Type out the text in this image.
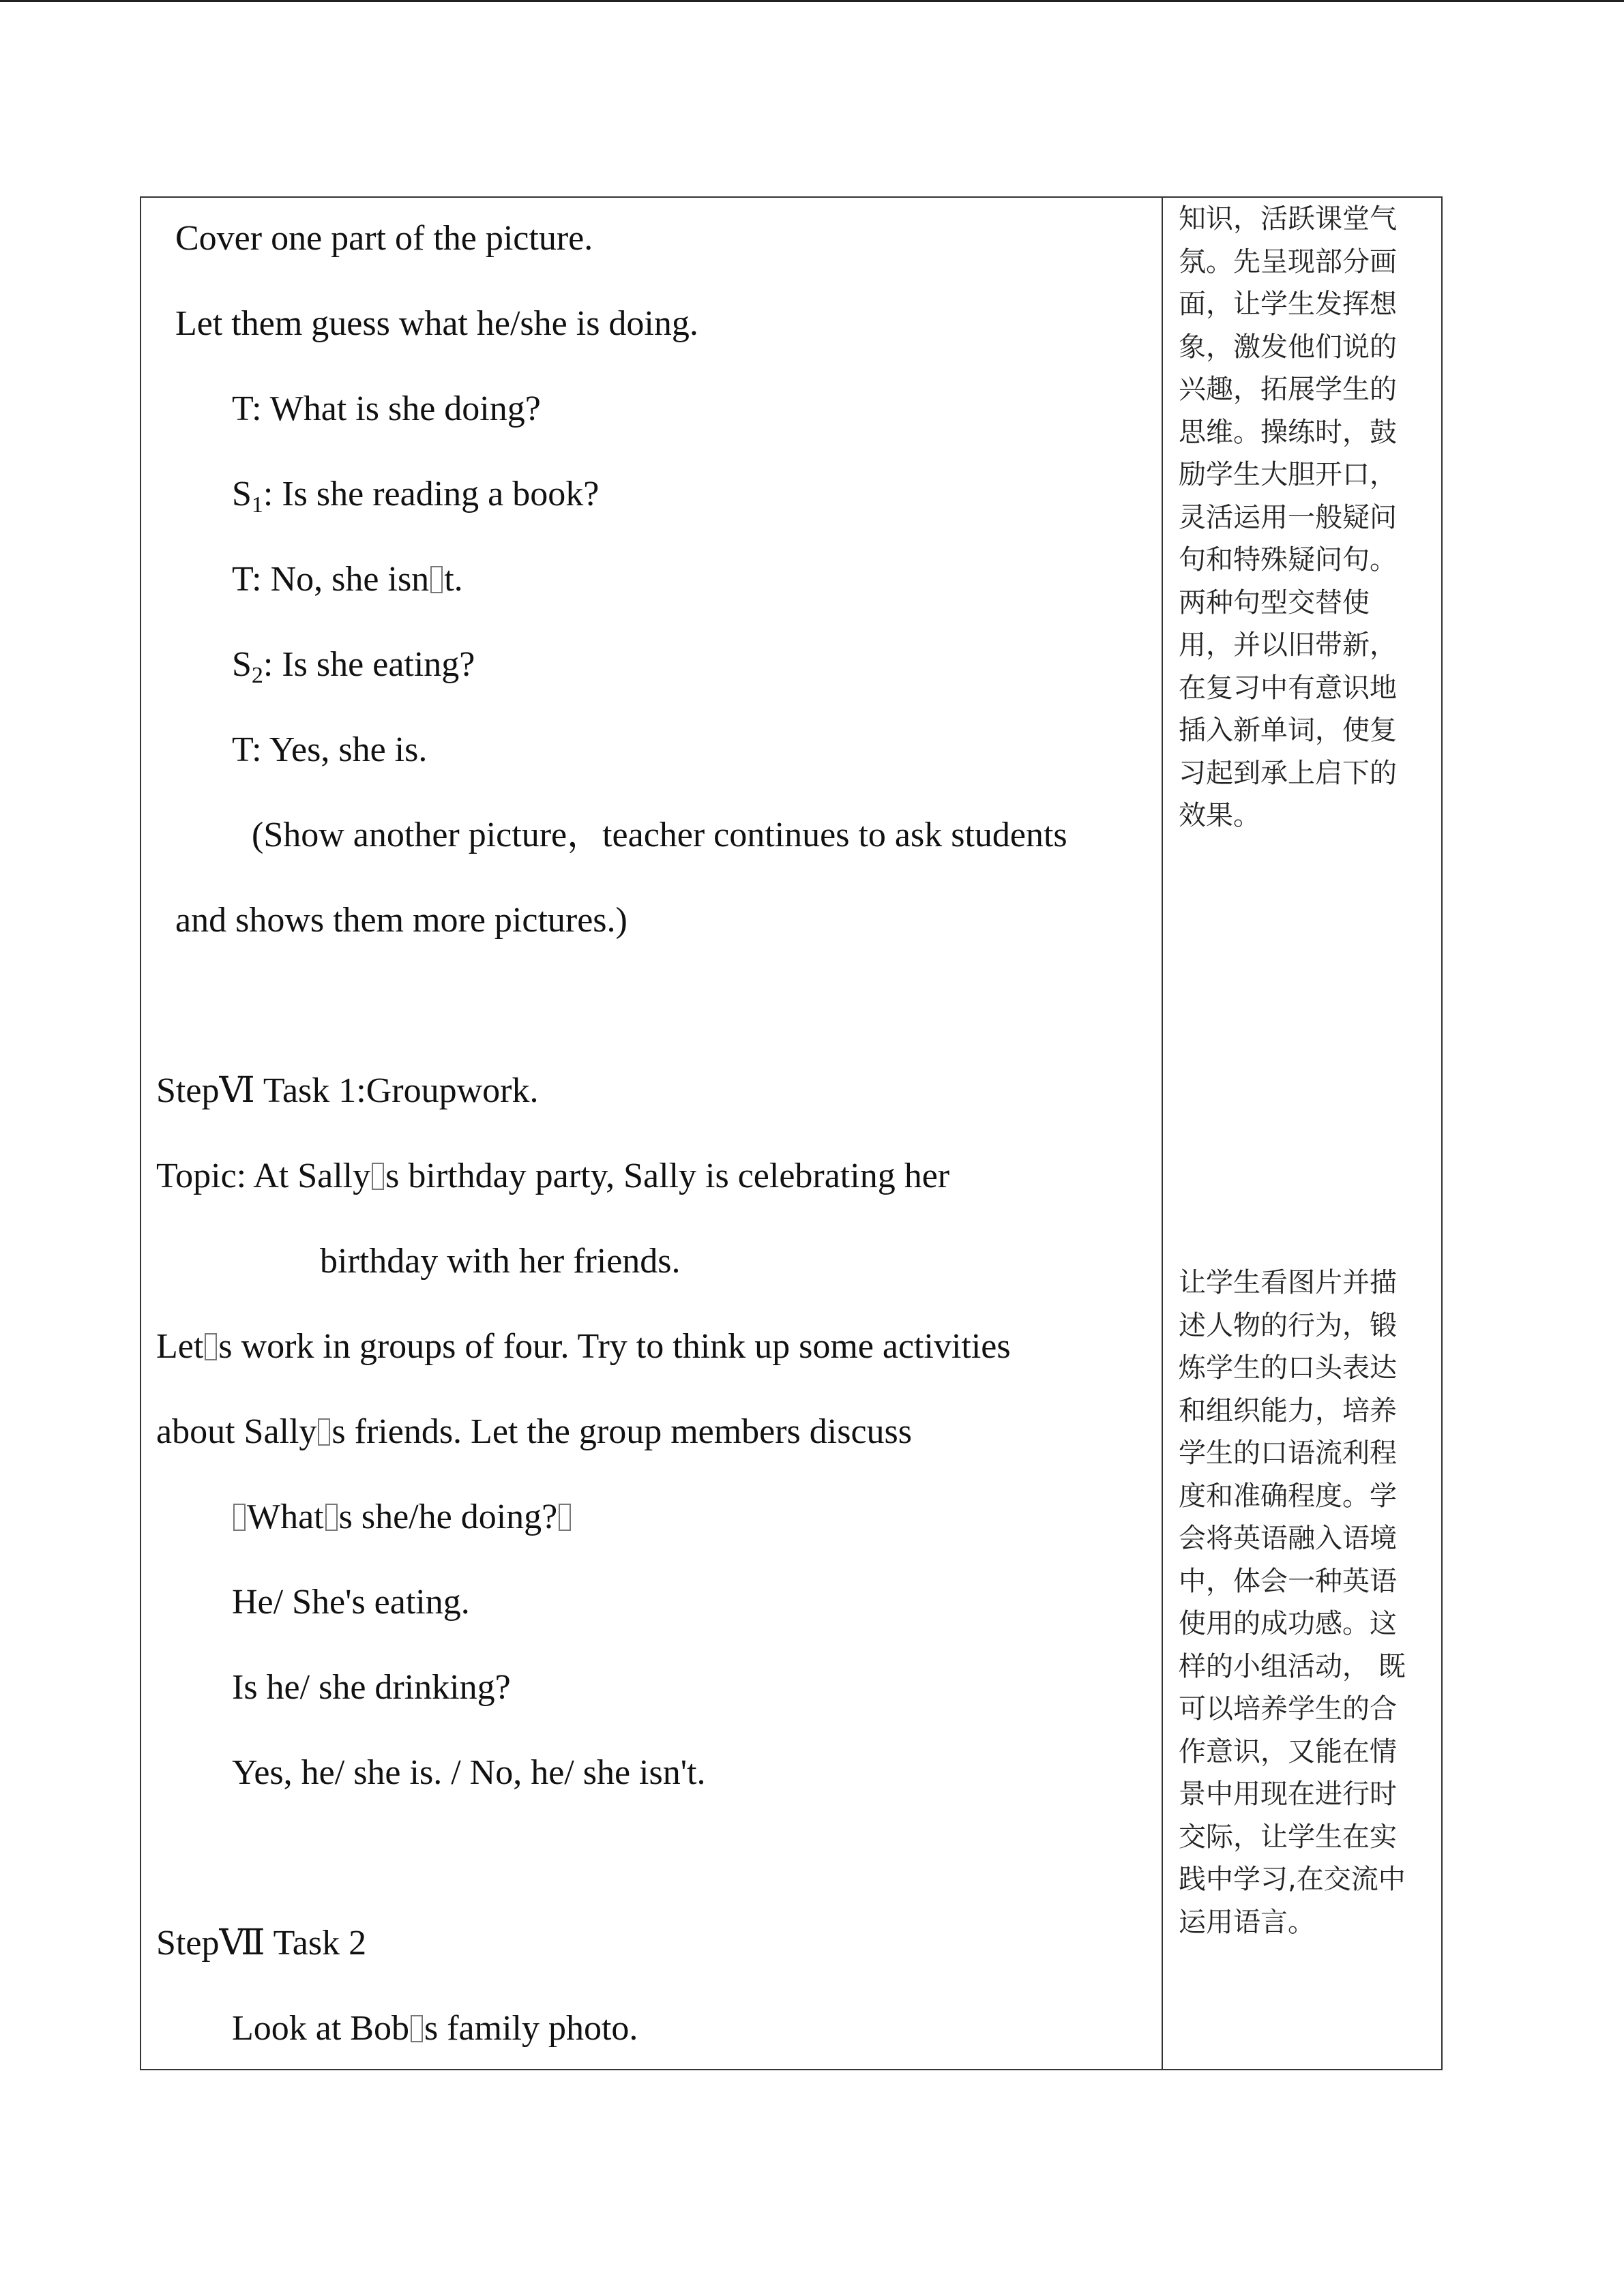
Cover one part of the picture.
Let them guess what he/she is doing.
T: What is she doing?
$S_1$: Is she reading a book?
T: No, she isn t.
$S_2$: Is she eating?
T: Yes, she is.
(Show another picture，teacher continues to ask students
and shows them more pictures.)
StepⅥ Task 1:Groupwork.
Topic: At Sally s birthday party, Sally is celebrating her
birthday with her friends.
Let s work in groups of four. Try to think up some activities
about Sally s friends. Let the group members discuss
What s she/he doing?
He/ She's eating.
Is he/ she drinking?
Yes, he/ she is. / No, he/ she isn't.
StepⅦ Task 2
Look at Bob s family photo.
知识，活跃课堂气
氛。先呈现部分画
面，让学生发挥想
象，激发他们说的
兴趣，拓展学生的
思维。操练时，鼓
励学生大胆开口，
灵活运用一般疑问
句和特殊疑问句。
两种句型交替使
用，并以旧带新，
在复习中有意识地
插入新单词，使复
习起到承上启下的
效果。
让学生看图片并描
述人物的行为，锻
炼学生的口头表达
和组织能力，培养
学生的口语流利程
度和准确程度。学
会将英语融入语境
中，体会一种英语
使用的成功感。这
样的小组活动， 既
可以培养学生的合
作意识，又能在情
景中用现在进行时
交际，让学生在实
践中学习,在交流中
运用语言。
